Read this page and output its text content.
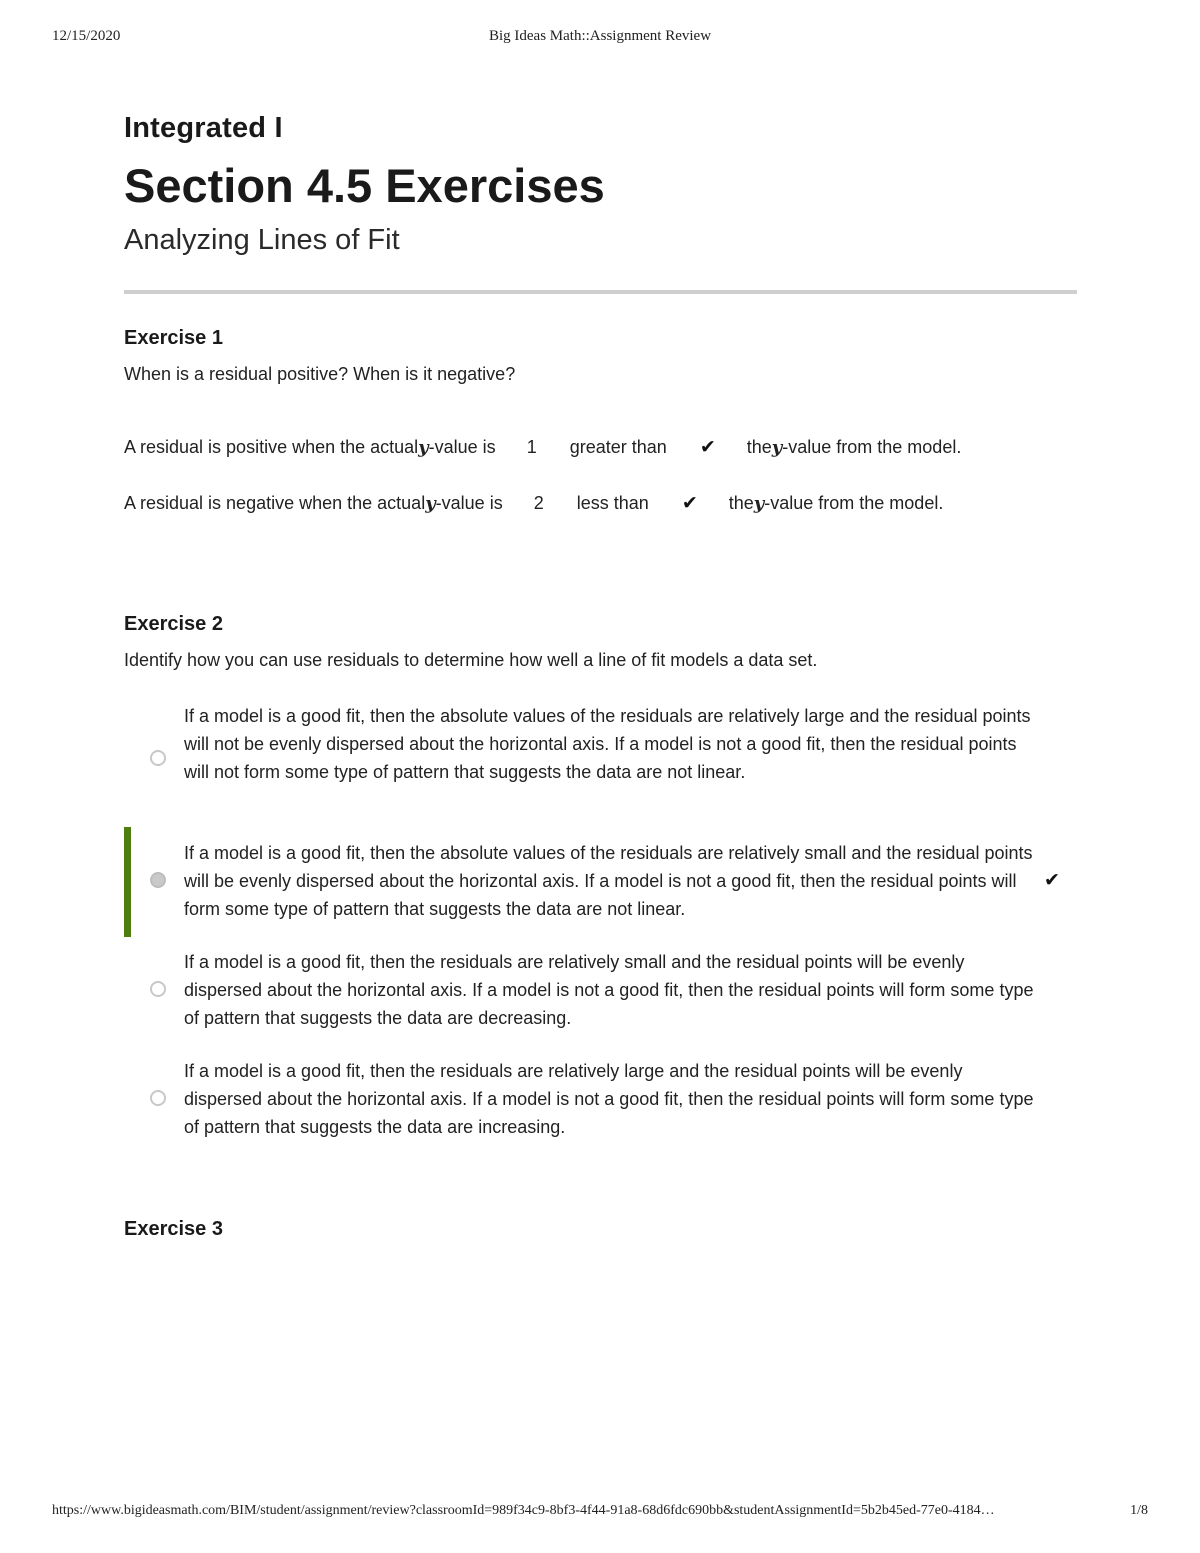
12/15/2020	Big Ideas Math::Assignment Review
Integrated I
Section 4.5 Exercises
Analyzing Lines of Fit
Exercise 1
When is a residual positive? When is it negative?
A residual is positive when the actualy-value is 1 greater than ✔ they-value from the model.
A residual is negative when the actualy-value is 2 less than ✔ they-value from the model.
Exercise 2
Identify how you can use residuals to determine how well a line of fit models a data set.
If a model is a good fit, then the absolute values of the residuals are relatively large and the residual points will not be evenly dispersed about the horizontal axis. If a model is not a good fit, then the residual points will not form some type of pattern that suggests the data are not linear.
If a model is a good fit, then the absolute values of the residuals are relatively small and the residual points will be evenly dispersed about the horizontal axis. If a model is not a good fit, then the residual points will form some type of pattern that suggests the data are not linear.
✔
If a model is a good fit, then the residuals are relatively small and the residual points will be evenly dispersed about the horizontal axis. If a model is not a good fit, then the residual points will form some type of pattern that suggests the data are decreasing.
If a model is a good fit, then the residuals are relatively large and the residual points will be evenly dispersed about the horizontal axis. If a model is not a good fit, then the residual points will form some type of pattern that suggests the data are increasing.
Exercise 3
https://www.bigideasmath.com/BIM/student/assignment/review?classroomId=989f34c9-8bf3-4f44-91a8-68d6fdc690bb&studentAssignmentId=5b2b45ed-77e0-4184…	1/8
